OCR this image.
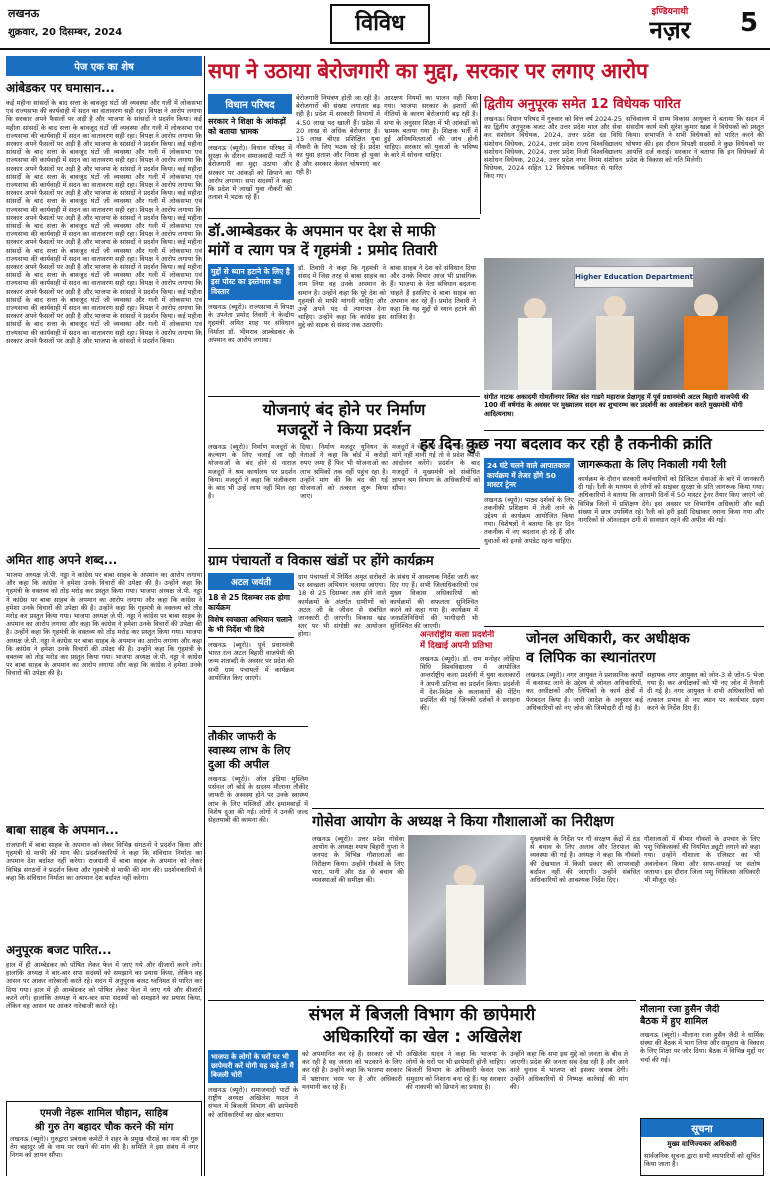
लखनऊ
शुक्रवार, 20 दिसम्बर, 2024	विविध	इण्डियनाथी
नज़र	5
पेज एक का शेष
आंबेडकर पर घमासान...
कई महीना सांसदों के बाद सत्ता के बावजूद घंटों जी व्यवस्था और गली में लोकसभा एवं राज्यसभा की कार्यवाही में सदन का वातावरण सही रहा। विपक्ष ने आरोप लगाया कि सरकार अपने फैसलों पर अड़ी है और भाजपा के सांसदों ने प्रदर्शन किया। कई महीना सांसदों के बाद सत्ता के बावजूद घंटों जी व्यवस्था और गली में लोकसभा एवं राज्यसभा की कार्यवाही में सदन का वातावरण सही रहा। विपक्ष ने आरोप लगाया कि सरकार अपने फैसलों पर अड़ी है और भाजपा के सांसदों ने प्रदर्शन किया। कई महीना सांसदों के बाद सत्ता के बावजूद घंटों जी व्यवस्था और गली में लोकसभा एवं राज्यसभा की कार्यवाही में सदन का वातावरण सही रहा। विपक्ष ने आरोप लगाया कि सरकार अपने फैसलों पर अड़ी है और भाजपा के सांसदों ने प्रदर्शन किया। कई महीना सांसदों के बाद सत्ता के बावजूद घंटों जी व्यवस्था और गली में लोकसभा एवं राज्यसभा की कार्यवाही में सदन का वातावरण सही रहा। विपक्ष ने आरोप लगाया कि सरकार अपने फैसलों पर अड़ी है और भाजपा के सांसदों ने प्रदर्शन किया। कई महीना सांसदों के बाद सत्ता के बावजूद घंटों जी व्यवस्था और गली में लोकसभा एवं राज्यसभा की कार्यवाही में सदन का वातावरण सही रहा। विपक्ष ने आरोप लगाया कि सरकार अपने फैसलों पर अड़ी है और भाजपा के सांसदों ने प्रदर्शन किया। कई महीना सांसदों के बाद सत्ता के बावजूद घंटों जी व्यवस्था और गली में लोकसभा एवं राज्यसभा की कार्यवाही में सदन का वातावरण सही रहा। विपक्ष ने आरोप लगाया कि सरकार अपने फैसलों पर अड़ी है और भाजपा के सांसदों ने प्रदर्शन किया। कई महीना सांसदों के बाद सत्ता के बावजूद घंटों जी व्यवस्था और गली में लोकसभा एवं राज्यसभा की कार्यवाही में सदन का वातावरण सही रहा। विपक्ष ने आरोप लगाया कि सरकार अपने फैसलों पर अड़ी है और भाजपा के सांसदों ने प्रदर्शन किया। कई महीना सांसदों के बाद सत्ता के बावजूद घंटों जी व्यवस्था और गली में लोकसभा एवं राज्यसभा की कार्यवाही में सदन का वातावरण सही रहा। विपक्ष ने आरोप लगाया कि सरकार अपने फैसलों पर अड़ी है और भाजपा के सांसदों ने प्रदर्शन किया। कई महीना सांसदों के बाद सत्ता के बावजूद घंटों जी व्यवस्था और गली में लोकसभा एवं राज्यसभा की कार्यवाही में सदन का वातावरण सही रहा। विपक्ष ने आरोप लगाया कि सरकार अपने फैसलों पर अड़ी है और भाजपा के सांसदों ने प्रदर्शन किया। कई महीना सांसदों के बाद सत्ता के बावजूद घंटों जी व्यवस्था और गली में लोकसभा एवं राज्यसभा की कार्यवाही में सदन का वातावरण सही रहा। विपक्ष ने आरोप लगाया कि सरकार अपने फैसलों पर अड़ी है और भाजपा के सांसदों ने प्रदर्शन किया।
अमित शाह अपने शब्द...
भाजपा अध्यक्ष जे.पी. नड्डा ने कांग्रेस पर बाबा साहब के अपमान का आरोप लगाया और कहा कि कांग्रेस ने हमेशा उनके विचारों की उपेक्षा की है। उन्होंने कहा कि गृहमंत्री के वक्तव्य को तोड़ मरोड़ कर प्रस्तुत किया गया। भाजपा अध्यक्ष जे.पी. नड्डा ने कांग्रेस पर बाबा साहब के अपमान का आरोप लगाया और कहा कि कांग्रेस ने हमेशा उनके विचारों की उपेक्षा की है। उन्होंने कहा कि गृहमंत्री के वक्तव्य को तोड़ मरोड़ कर प्रस्तुत किया गया। भाजपा अध्यक्ष जे.पी. नड्डा ने कांग्रेस पर बाबा साहब के अपमान का आरोप लगाया और कहा कि कांग्रेस ने हमेशा उनके विचारों की उपेक्षा की है। उन्होंने कहा कि गृहमंत्री के वक्तव्य को तोड़ मरोड़ कर प्रस्तुत किया गया। भाजपा अध्यक्ष जे.पी. नड्डा ने कांग्रेस पर बाबा साहब के अपमान का आरोप लगाया और कहा कि कांग्रेस ने हमेशा उनके विचारों की उपेक्षा की है। उन्होंने कहा कि गृहमंत्री के वक्तव्य को तोड़ मरोड़ कर प्रस्तुत किया गया। भाजपा अध्यक्ष जे.पी. नड्डा ने कांग्रेस पर बाबा साहब के अपमान का आरोप लगाया और कहा कि कांग्रेस ने हमेशा उनके विचारों की उपेक्षा की है।
बाबा साहब के अपमान...
राजधानी में बाबा साहब के अपमान को लेकर विभिन्न संगठनों ने प्रदर्शन किया और गृहमंत्री से माफी की मांग की। प्रदर्शनकारियों ने कहा कि संविधान निर्माता का अपमान देश बर्दाश्त नहीं करेगा। राजधानी में बाबा साहब के अपमान को लेकर विभिन्न संगठनों ने प्रदर्शन किया और गृहमंत्री से माफी की मांग की। प्रदर्शनकारियों ने कहा कि संविधान निर्माता का अपमान देश बर्दाश्त नहीं करेगा।
अनुपूरक बजट पारित...
हाल में ही आम्बेडकर को पोषित लेकर फेल में जाए गये और वीजारों करने लगे। हालांकि अध्यक्ष ने बार-बार सपा सदस्यों को समझाने का प्रयास किया, लेकिन वह आसन पर आकर नारेबाजी करते रहे। सदन में अनुपूरक बजट ध्वनिमत से पारित कर दिया गया। हाल में ही आम्बेडकर को पोषित लेकर फेल में जाए गये और वीजारों करने लगे। हालांकि अध्यक्ष ने बार-बार सपा सदस्यों को समझाने का प्रयास किया, लेकिन वह आसन पर आकर नारेबाजी करते रहे।
एमजी नेहरू शामिल चौहान, साहिब
श्री गुरु तेग बहादर चौक करने की मांग
लखनऊ (ब्यूरो)। गुरुद्वारा प्रबंधक कमेटी ने शहर के प्रमुख चौराहे का नाम श्री गुरु तेग बहादुर जी के नाम पर रखने की मांग की है। समिति ने इस संबंध में नगर निगम को ज्ञापन सौंपा।
सपा ने उठाया बेरोजगारी का मुद्दा, सरकार पर लगाए आरोप
विधान परिषद
सरकार ने शिक्षा के आंकड़ों को बताया भ्रामक
लखनऊ (ब्यूरो)। विधान परिषद में सुरक्षा के दौरान समाजवादी पार्टी ने बेरोजगारी का मुद्दा उठाया और सरकार पर आंकड़ों को छिपाने का आरोप लगाया। सपा सदस्यों ने कहा कि प्रदेश में लाखों युवा नौकरी की तलाश में भटक रहे हैं।
बेरोजगारी नियंत्रण होती जा रही है। बेरोजगारों की संख्या लगातार बढ़ रही है। प्रदेश में सरकारी विभागों में 4.50 लाख पद खाली हैं। प्रदेश में 20 लाख से अधिक बेरोजगार हैं। 15 लाख बीएड प्रशिक्षित युवा नौकरी के लिए भटक रहे हैं। प्रदेश का युवा हताश और निराश हो चुका है और सरकार केवल घोषणाएं कर रही है।
आरक्षण नियमों का पालन नहीं किया गया। भाजपा सरकार के इशारों की नीतियों के कारण बेरोजगारी बढ़ रही है। सपा के अनुसार शिक्षा में भी आंकड़ों को भ्रामक बताया गया है। शिक्षक भर्ती में हुई अनियमितताओं की जांच होनी चाहिए। सरकार को युवाओं के भविष्य के बारे में सोचना चाहिए।
द्वितीय अनुपूरक समेत 12 विधेयक पारित
लखनऊ। विधान परिषद में गुरुवार को वित्त वर्ष 2024-25 का द्वितीय अनुपूरक बजट और उत्तर प्रदेश माल और सेवा कर संशोधन विधेयक, 2024, उत्तर प्रदेश दंड विधि संशोधन विधेयक, 2024, उत्तर प्रदेश राज्य विश्वविद्यालय संशोधन विधेयक, 2024, उत्तर प्रदेश निजी विश्वविद्यालय संशोधन विधेयक, 2024, उत्तर प्रदेश नगर निगम संशोधन विधेयक, 2024 सहित 12 विधेयक ध्वनिमत से पारित किए गए।
सचिवालय में ग्राम्य विकास आयुक्त ने बताया कि सदन में संसदीय कार्य मंत्री सुरेश कुमार खन्ना ने विधेयकों को प्रस्तुत किया। सभापति ने सभी विधेयकों को पारित करने की घोषणा की। इस दौरान विपक्षी सदस्यों ने कुछ विधेयकों पर आपत्ति दर्ज कराई। सरकार ने बताया कि इन विधेयकों से प्रदेश के विकास को गति मिलेगी।
डॉ.आम्बेडकर के अपमान पर देश से माफी
मांगें व त्याग पत्र दें गृहमंत्री : प्रमोद तिवारी
मुद्दों से ध्यान हटाने के लिए है इस पोस्ट का इस्तेमाल का विस्तार
लखनऊ (ब्यूरो)। राज्यसभा में विपक्ष के उपनेता प्रमोद तिवारी ने केन्द्रीय गृहमंत्री अमित शाह पर संविधान निर्माता डॉ. भीमराव आम्बेडकर के अपमान का आरोप लगाया।
डॉ. तिवारी ने कहा कि गृहमंत्री ने संसद में जिस तरह से बाबा साहब का नाम लिया वह उनके अपमान के समान है। उन्होंने कहा कि पूरे देश को गृहमंत्री से माफी मांगनी चाहिए और उन्हें अपने पद से त्यागपत्र देना चाहिए। उन्होंने कहा कि कांग्रेस इस मुद्दे को सड़क से संसद तक उठाएगी।
बाबा साहब ने देश को संविधान दिया और उनके विचार आज भी प्रासंगिक हैं। भाजपा के नेता संविधान बदलना चाहते हैं इसलिए वे बाबा साहब का अपमान कर रहे हैं। प्रमोद तिवारी ने कहा कि यह मुद्दों से ध्यान हटाने की साजिश है।
Higher Education Department
संगीत नाटक अकादमी गोमतीनगर स्थित संत गाडगे महाराज प्रेक्षागृह में पूर्व प्रधानमंत्री अटल बिहारी वाजपेयी की 100 वीं वर्षगांठ के अवसर पर मुख्यालय सदन का शुभारम्भ कर प्रदर्शनी का अवलोकन करते मुख्यमंत्री योगी आदित्यनाथ।
योजनाएं बंद होने पर निर्माण
मजदूरों ने किया प्रदर्शन
लखनऊ (ब्यूरो)। निर्माण मजदूरों के कल्याण के लिए चलाई जा रही योजनाओं के बंद होने से नाराज मजदूरों ने श्रम कार्यालय पर प्रदर्शन किया। मजदूरों ने कहा कि पंजीकरण के बाद भी उन्हें लाभ नहीं मिल रहा है।
दिया। निर्माण मजदूर यूनियन के नेताओं ने कहा कि बोर्ड में करोड़ों रुपए जमा हैं फिर भी योजनाओं का लाभ श्रमिकों तक नहीं पहुंच रहा है। उन्होंने मांग की कि बंद की गई योजनाओं को तत्काल शुरू किया जाए।
मजदूरों ने चेतावनी दी कि यदि उनकी मांगें नहीं मानी गई तो वे प्रदेश व्यापी आंदोलन करेंगे। प्रदर्शन के बाद मजदूरों ने मुख्यमंत्री को संबोधित ज्ञापन श्रम विभाग के अधिकारियों को सौंपा।
हर दिन कुछ नया बदलाव कर रही है तकनीकी क्रांति
24 घंटे चलने वाले आपातकाल कार्यक्रम में तेजर होंगे 50 मास्टर ट्रेनर
लखनऊ (ब्यूरो)। पाठ्य दर्शकों के लिए तकनीकी प्रशिक्षण में तेजी लाने के उद्देश्य से कार्यक्रम आयोजित किया गया। विशेषज्ञों ने बताया कि हर दिन तकनीक में नए बदलाव हो रहे हैं और युवाओं को इनसे अपडेट रहना चाहिए।
जागरूकता के लिए निकाली गयी रैली
कार्यक्रम के दौरान सरकारी कर्मचारियों को डिजिटल सेवाओं के बारे में जानकारी दी गई। रैली के माध्यम से लोगों को साइबर सुरक्षा के प्रति जागरूक किया गया। अधिकारियों ने बताया कि आगामी दिनों में 50 मास्टर ट्रेनर तैयार किए जाएंगे जो विभिन्न जिलों में प्रशिक्षण देंगे। इस अवसर पर विभागीय अधिकारी और बड़ी संख्या में छात्र उपस्थित रहे। रैली को हरी झंडी दिखाकर रवाना किया गया और नागरिकों से ऑनलाइन ठगी से सावधान रहने की अपील की गई।
ग्राम पंचायतों व विकास खंडों पर होंगे कार्यक्रम
अटल जयंती
18 से 25 दिसम्बर तक होगा कार्यक्रम
विशेष स्वच्छता अभियान चलाने के भी निर्देश भी दिये
लखनऊ (ब्यूरो)। पूर्व प्रधानमंत्री भारत रत्न अटल बिहारी वाजपेयी की जन्म शताब्दी के अवसर पर प्रदेश की सभी ग्राम पंचायतों में कार्यक्रम आयोजित किए जाएंगे।
ग्राम पंचायतों में निर्मित अमृत सरोवरों पर स्वच्छता अभियान चलाया जाएगा। 18 से 25 दिसम्बर तक होने वाले कार्यक्रमों के अंतर्गत ग्रामीणों को अटल जी के जीवन से संबंधित जानकारी दी जाएगी। विकास खंड स्तर पर भी संगोष्ठी का आयोजन होगा।
के संबंध में आवश्यक निर्देश जारी कर दिए गए हैं। सभी जिलाधिकारियों एवं मुख्य विकास अधिकारियों को कार्यक्रमों की सफलता सुनिश्चित करने को कहा गया है। कार्यक्रम में जनप्रतिनिधियों की भागीदारी भी सुनिश्चित की जाएगी।
अन्तर्राष्ट्रीय कला प्रदर्शनी
में दिखाई अपनी प्रतिभा
लखनऊ (ब्यूरो)। डॉ. राम मनोहर लोहिया विधि विश्वविद्यालय में आयोजित अन्तर्राष्ट्रीय कला प्रदर्शनी में युवा कलाकारों ने अपनी प्रतिभा का प्रदर्शन किया। प्रदर्शनी में देश-विदेश के कलाकारों की पेंटिंग प्रदर्शित की गई जिनकी दर्शकों ने सराहना की।	जोनल अधिकारी, कर अधीक्षक
व लिपिक का स्थानांतरण
लखनऊ (ब्यूरो)। नगर आयुक्त ने प्रशासनिक कार्यों में कसावट लाने के उद्देश्य से जोनल अधिकारियों, कर अधीक्षकों और लिपिकों के कार्य क्षेत्रों में फेरबदल किया है। जारी आदेश के अनुसार कई अधिकारियों को नए जोन की जिम्मेदारी दी गई है।
सहायक नगर आयुक्त को जोन-3 से जोन-5 भेजा गया है। कर अधीक्षकों को भी नए जोन में तैनाती दी गई है। नगर आयुक्त ने सभी अधिकारियों को तत्काल प्रभाव से नए स्थान पर कार्यभार ग्रहण करने के निर्देश दिए हैं।
तौकीर जाफरी के
स्वास्थ्य लाभ के लिए
दुआ की अपील
लखनऊ (ब्यूरो)। ऑल इंडिया मुस्लिम पर्सनल लॉ बोर्ड के सदस्य मौलाना तौकीर जाफरी के अस्वस्थ होने पर उनके स्वास्थ्य लाभ के लिए मस्जिदों और इमामबाड़ों में विशेष दुआ की गई। लोगों ने उनकी जल्द सेहतयाबी की कामना की।
गोसेवा आयोग के अध्यक्ष ने किया गौशालाओं का निरीक्षण
लखनऊ (ब्यूरो)। उत्तर प्रदेश गोसेवा आयोग के अध्यक्ष श्याम बिहारी गुप्ता ने जनपद के विभिन्न गौशालाओं का निरीक्षण किया। उन्होंने गौवंशों के लिए चारा, पानी और ठंड से बचाव की व्यवस्थाओं की समीक्षा की।
मुख्यमंत्री के निर्देश पर गौ संरक्षण केंद्रों में ठंड से बचाव के लिए अलाव और तिरपाल की व्यवस्था की गई है। अध्यक्ष ने कहा कि गौवंशों की देखभाल में किसी प्रकार की लापरवाही बर्दाश्त नहीं की जाएगी। उन्होंने संबंधित अधिकारियों को आवश्यक निर्देश दिए।
गौशालाओं में बीमार गौवंशों के उपचार के लिए पशु चिकित्सकों की नियमित ड्यूटी लगाने को कहा गया। उन्होंने गौशाला के रजिस्टर का भी अवलोकन किया और साफ-सफाई पर संतोष जताया। इस दौरान जिला पशु चिकित्सा अधिकारी भी मौजूद रहे।
मौलाना रजा हुसैन जैदी
बैठक में हुए शामिल
लखनऊ (ब्यूरो)। मौलाना रजा हुसैन जैदी ने धार्मिक संस्था की बैठक में भाग लिया और समुदाय के विकास के लिए शिक्षा पर जोर दिया। बैठक में विभिन्न मुद्दों पर चर्चा की गई।
संभल में बिजली विभाग की छापेमारी
अधिकारियों का खेल : अखिलेश
भाजपा के लोगों के घरों पर भी छापेमारी करें योगी यह कहे तो मैं बिजली चोरी
लखनऊ (ब्यूरो)। समाजवादी पार्टी के राष्ट्रीय अध्यक्ष अखिलेश यादव ने संभल में बिजली विभाग की छापेमारी को अधिकारियों का खेल बताया।
को अपमानित कर रहे हैं। सरकार जो भी कर रही है वह जनता को भटकाने के लिए कर रही है। उन्होंने कहा कि भाजपा सरकार में भ्रष्टाचार चरम पर है और अधिकारी मनमानी कर रहे हैं।
अखिलेश यादव ने कहा कि भाजपा के लोगों के घरों पर भी छापेमारी होनी चाहिए। बिजली विभाग के अधिकारी केवल एक समुदाय को निशाना बना रहे हैं। यह सरकार की नाकामी को छिपाने का प्रयास है।
उन्होंने कहा कि सपा इस मुद्दे को जनता के बीच ले जाएगी। प्रदेश की जनता सब देख रही है और आने वाले चुनाव में भाजपा को इसका जवाब देगी। उन्होंने अधिकारियों से निष्पक्ष कार्रवाई की मांग की।
सूचना
मुख्य वाणिज्यकर अधिकारी
सार्वजनिक सूचना द्वारा सभी व्यापारियों को सूचित किया जाता है।
